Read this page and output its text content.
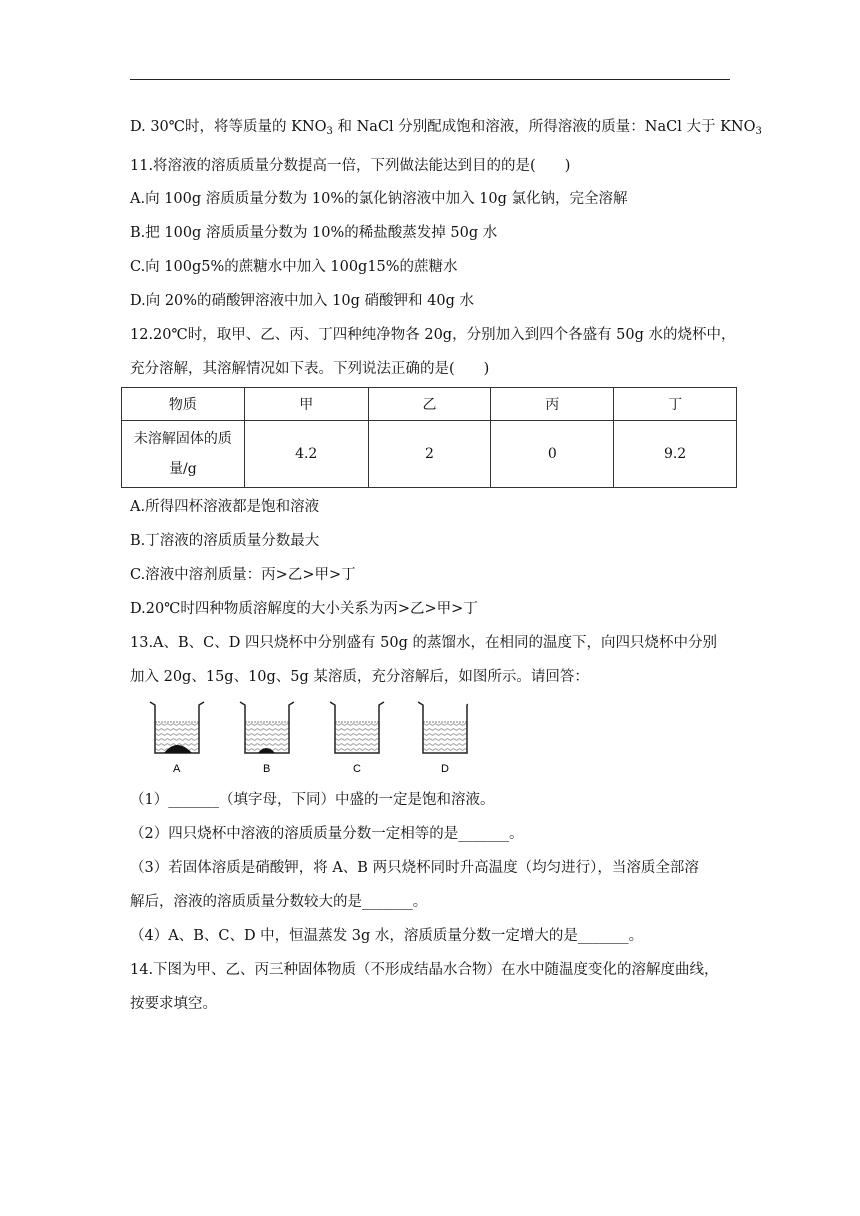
D. 30℃时，将等质量的 $KNO_3$ 和 NaCl 分别配成饱和溶液，所得溶液的质量：NaCl 大于 $KNO_3$
11.将溶液的溶质质量分数提高一倍，下列做法能达到目的的是(　　)
A.向 100g 溶质质量分数为 10%的氯化钠溶液中加入 10g 氯化钠，完全溶解
B.把 100g 溶质质量分数为 10%的稀盐酸蒸发掉 50g 水
C.向 100g5%的蔗糖水中加入 100g15%的蔗糖水
D.向 20%的硝酸钾溶液中加入 10g 硝酸钾和 40g 水
12.20℃时，取甲、乙、丙、丁四种纯净物各 20g，分别加入到四个各盛有 50g 水的烧杯中，
充分溶解，其溶解情况如下表。下列说法正确的是(　　)
物质	甲	乙	丙	丁

未溶解固体的质
量/g	4.2	2	0	9.2
A.所得四杯溶液都是饱和溶液
B.丁溶液的溶质质量分数最大
C.溶液中溶剂质量：丙>乙>甲>丁
D.20℃时四种物质溶解度的大小关系为丙>乙>甲>丁
13.A、B、C、D 四只烧杯中分别盛有 50g 的蒸馏水，在相同的温度下，向四只烧杯中分别
加入 20g、15g、10g、5g 某溶质，充分溶解后，如图所示。请回答：
A	B	C	D
（1）_______（填字母，下同）中盛的一定是饱和溶液。
（2）四只烧杯中溶液的溶质质量分数一定相等的是_______。
（3）若固体溶质是硝酸钾，将 A、B 两只烧杯同时升高温度（均匀进行），当溶质全部溶
解后，溶液的溶质质量分数较大的是_______。
（4）A、B、C、D 中，恒温蒸发 3g 水，溶质质量分数一定增大的是_______。
14.下图为甲、乙、丙三种固体物质（不形成结晶水合物）在水中随温度变化的溶解度曲线，
按要求填空。
